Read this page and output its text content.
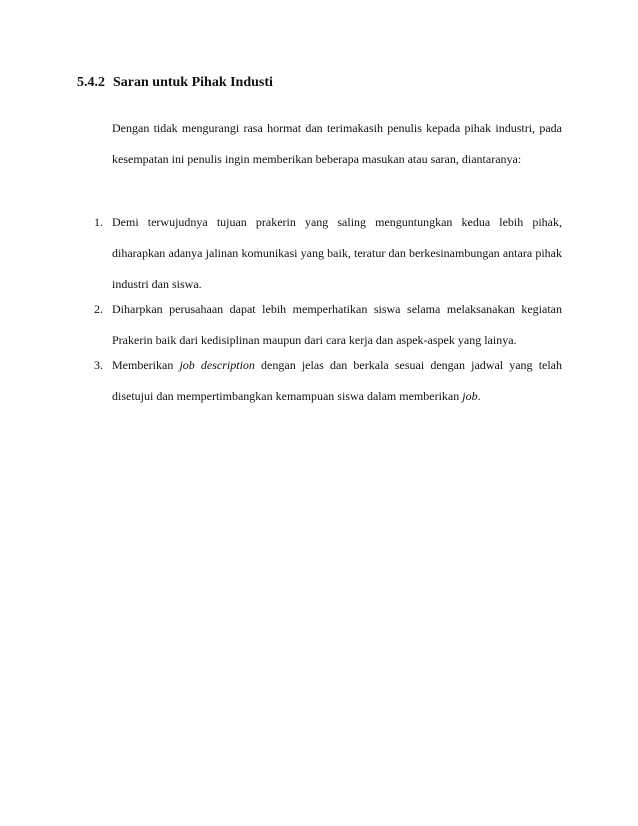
5.4.2 Saran untuk Pihak Industi

Dengan tidak mengurangi rasa hormat dan terimakasih penulis kepada pihak industri, pada kesempatan ini penulis ingin memberikan beberapa masukan atau saran, diantaranya:

1. Demi terwujudnya tujuan prakerin yang saling menguntungkan kedua lebih pihak, diharapkan adanya jalinan komunikasi yang baik, teratur dan berkesinambungan antara pihak industri dan siswa.
2. Diharpkan perusahaan dapat lebih memperhatikan siswa selama melaksanakan kegiatan Prakerin baik dari kedisiplinan maupun dari cara kerja dan aspek-aspek yang lainya.
3. Memberikan job description dengan jelas dan berkala sesuai dengan jadwal yang telah disetujui dan mempertimbangkan kemampuan siswa dalam memberikan job.
